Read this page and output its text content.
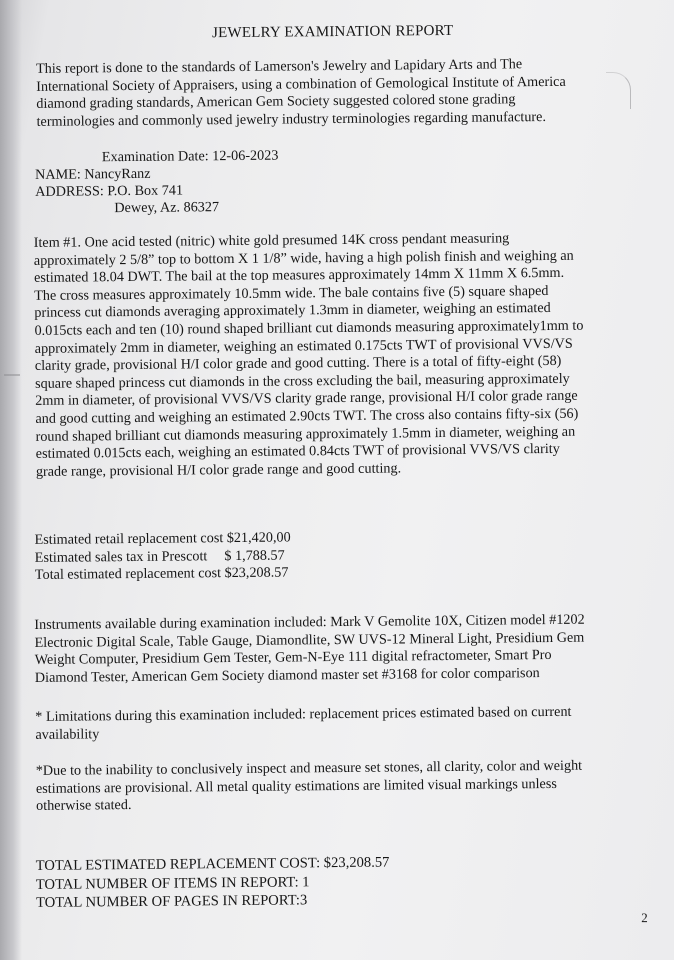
JEWELRY EXAMINATION REPORT
This report is done to the standards of Lamerson's Jewelry and Lapidary Arts and The
International Society of Appraisers, using a combination of Gemological Institute of America
diamond grading standards, American Gem Society suggested colored stone grading
terminologies and commonly used jewelry industry terminologies regarding manufacture.
Examination Date: 12-06-2023
NAME: NancyRanz
ADDRESS: P.O. Box 741
Dewey, Az. 86327
Item #1. One acid tested (nitric) white gold presumed 14K cross pendant measuring
approximately 2 5/8” top to bottom X 1 1/8” wide, having a high polish finish and weighing an
estimated 18.04 DWT. The bail at the top measures approximately 14mm X 11mm X 6.5mm.
The cross measures approximately 10.5mm wide. The bale contains five (5) square shaped
princess cut diamonds averaging approximately 1.3mm in diameter, weighing an estimated
0.015cts each and ten (10) round shaped brilliant cut diamonds measuring approximately1mm to
approximately 2mm in diameter, weighing an estimated 0.175cts TWT of provisional VVS/VS
clarity grade, provisional H/I color grade and good cutting. There is a total of fifty-eight (58)
square shaped princess cut diamonds in the cross excluding the bail, measuring approximately
2mm in diameter, of provisional VVS/VS clarity grade range, provisional H/I color grade range
and good cutting and weighing an estimated 2.90cts TWT. The cross also contains fifty-six (56)
round shaped brilliant cut diamonds measuring approximately 1.5mm in diameter, weighing an
estimated 0.015cts each, weighing an estimated 0.84cts TWT of provisional VVS/VS clarity
grade range, provisional H/I color grade range and good cutting.
Estimated retail replacement cost $21,420,00
Estimated sales tax in Prescott $ 1,788.57
Total estimated replacement cost $23,208.57
Instruments available during examination included: Mark V Gemolite 10X, Citizen model #1202
Electronic Digital Scale, Table Gauge, Diamondlite, SW UVS-12 Mineral Light, Presidium Gem
Weight Computer, Presidium Gem Tester, Gem-N-Eye 111 digital refractometer, Smart Pro
Diamond Tester, American Gem Society diamond master set #3168 for color comparison
* Limitations during this examination included: replacement prices estimated based on current
availability
*Due to the inability to conclusively inspect and measure set stones, all clarity, color and weight
estimations are provisional. All metal quality estimations are limited visual markings unless
otherwise stated.
TOTAL ESTIMATED REPLACEMENT COST: $23,208.57
TOTAL NUMBER OF ITEMS IN REPORT: 1
TOTAL NUMBER OF PAGES IN REPORT:3
2
